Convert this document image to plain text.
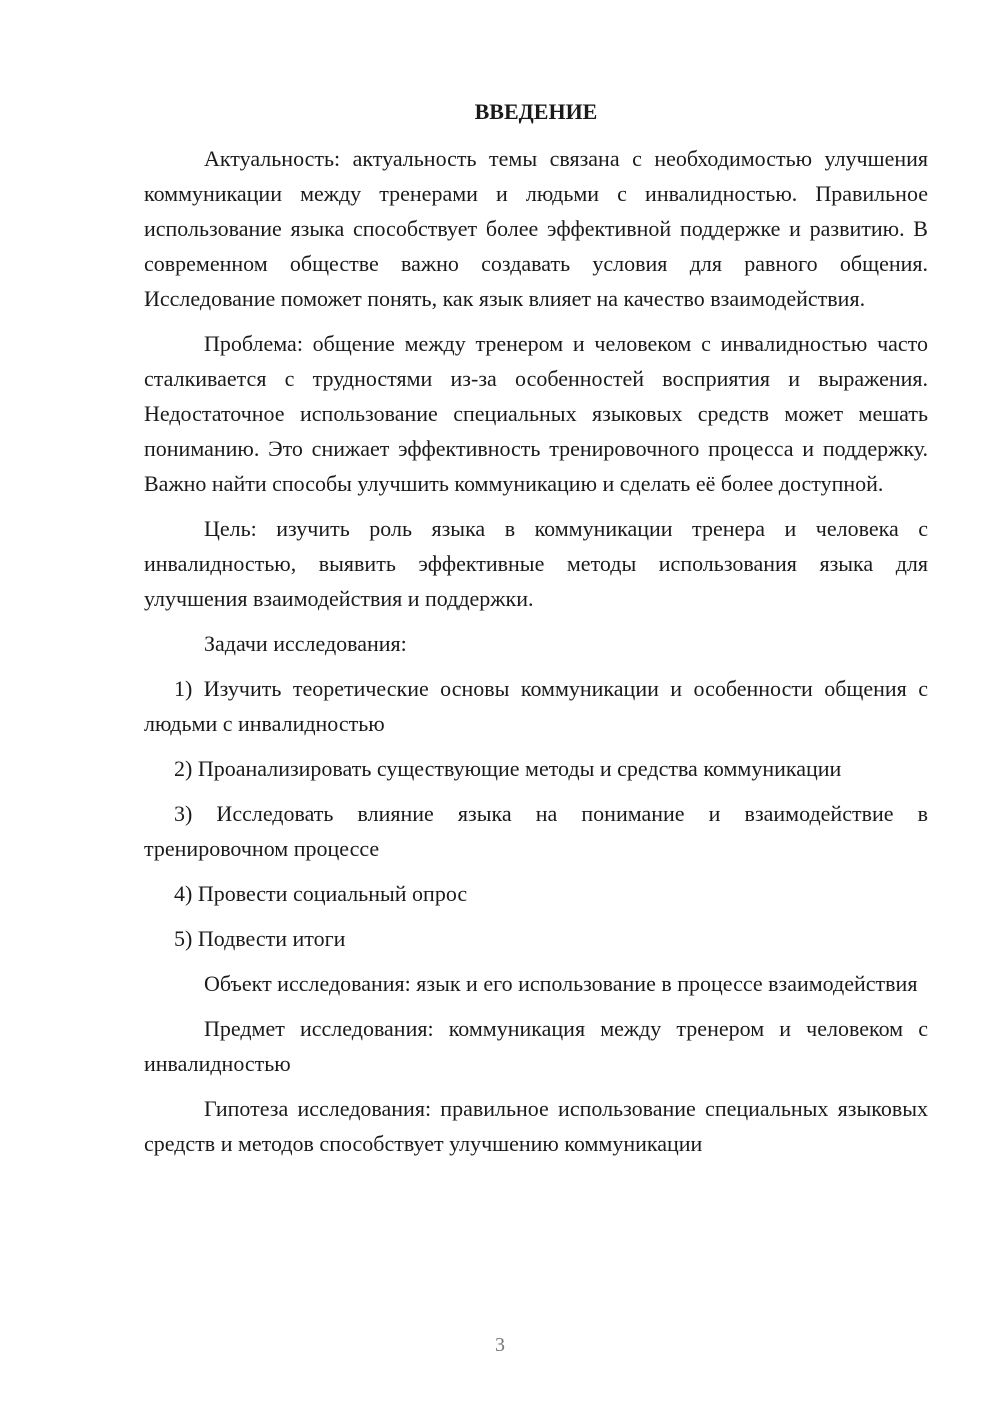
ВВЕДЕНИЕ

Актуальность: актуальность темы связана с необходимостью улучшения коммуникации между тренерами и людьми с инвалидностью. Правильное использование языка способствует более эффективной поддержке и развитию. В современном обществе важно создавать условия для равного общения. Исследование поможет понять, как язык влияет на качество взаимодействия.

Проблема: общение между тренером и человеком с инвалидностью часто сталкивается с трудностями из-за особенностей восприятия и выражения. Недостаточное использование специальных языковых средств может мешать пониманию. Это снижает эффективность тренировочного процесса и поддержку. Важно найти способы улучшить коммуникацию и сделать её более доступной.

Цель: изучить роль языка в коммуникации тренера и человека с инвалидностью, выявить эффективные методы использования языка для улучшения взаимодействия и поддержки.

Задачи исследования:

1) Изучить теоретические основы коммуникации и особенности общения с людьми с инвалидностью

2) Проанализировать существующие методы и средства коммуникации

3) Исследовать влияние языка на понимание и взаимодействие в тренировочном процессе

4) Провести социальный опрос

5) Подвести итоги

Объект исследования: язык и его использование в процессе взаимодействия

Предмет исследования: коммуникация между тренером и человеком с инвалидностью

Гипотеза исследования: правильное использование специальных языковых средств и методов способствует улучшению коммуникации

3
